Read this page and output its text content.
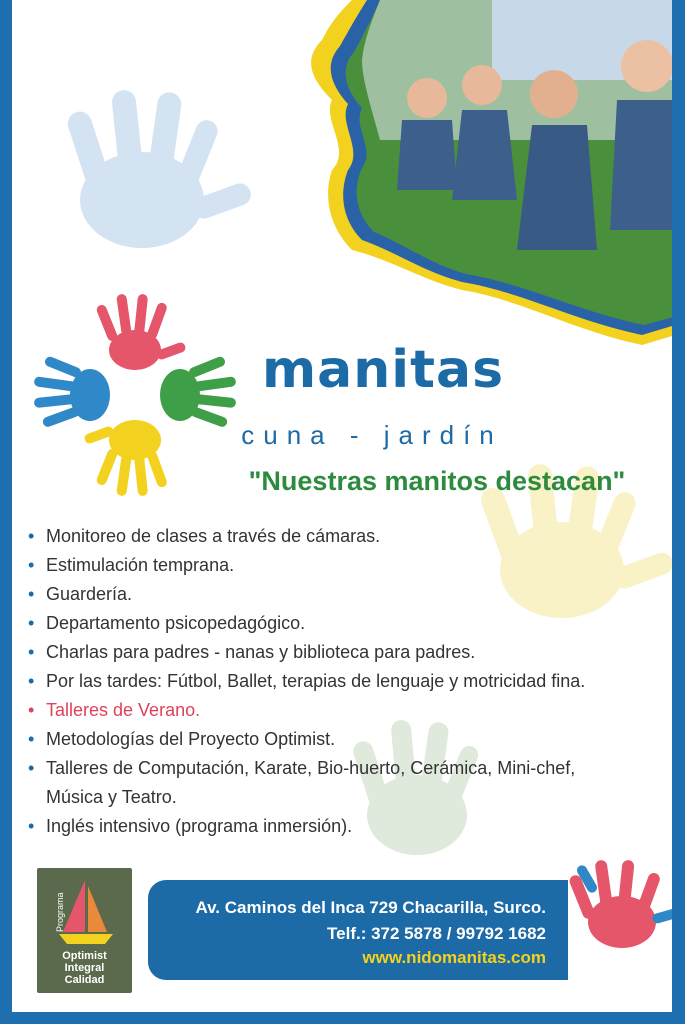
manitas
cuna - jardín
"Nuestras manitos destacan"
• Monitoreo de clases a través de cámaras.
• Estimulación temprana.
• Guardería.
• Departamento psicopedagógico.
• Charlas para padres - nanas y biblioteca para padres.
• Por las tardes: Fútbol, Ballet, terapias de lenguaje y motricidad fina.
• Talleres de Verano.
• Metodologías del Proyecto Optimist.
• Talleres de Computación, Karate, Bio-huerto, Cerámica, Mini-chef,
Música y Teatro.
• Inglés intensivo (programa inmersión).
Programa
Optimist
Integral
Calidad
Av. Caminos del Inca 729 Chacarilla, Surco.
Telf.: 372 5878 / 99792 1682
www.nidomanitas.com
